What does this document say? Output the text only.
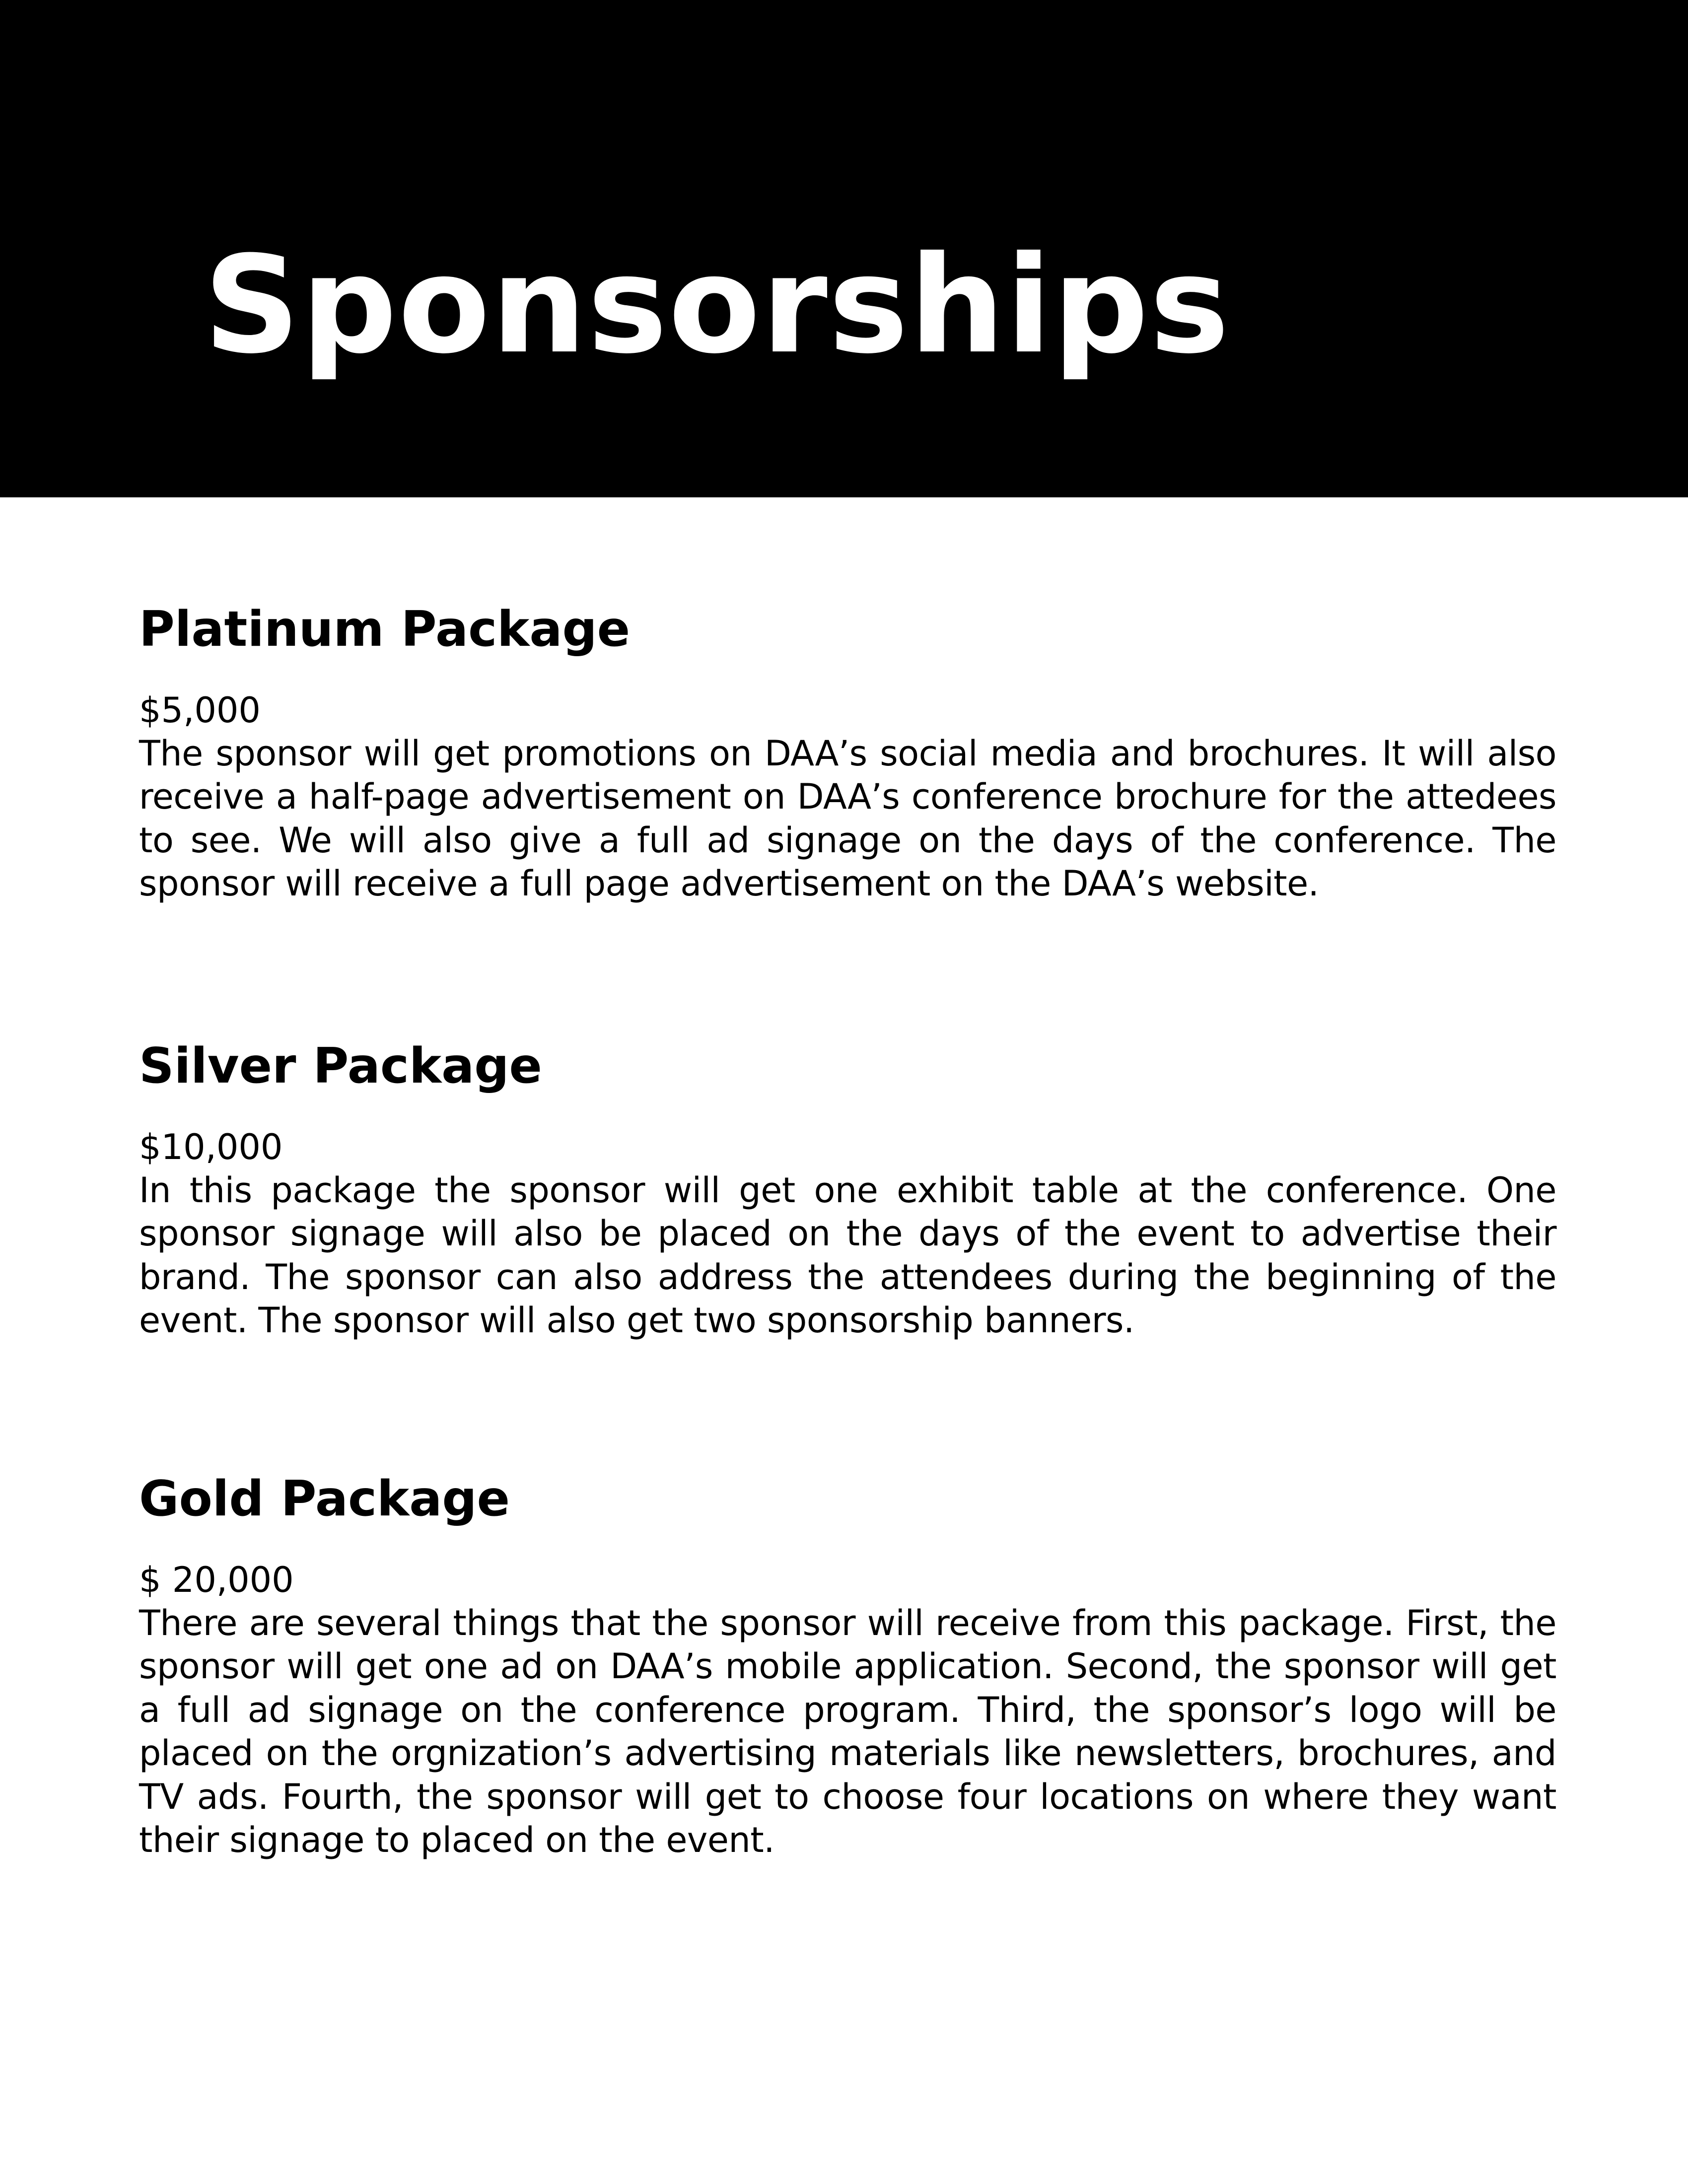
Sponsorships
Platinum Package
$5,000
The sponsor will get promotions on DAA’s social media and brochures. It will also receive a half-page advertisement on DAA’s conference brochure for the attedees to see. We will also give a full ad signage on the days of the conference. The sponsor will receive a full page advertisement on the DAA’s website.
Silver Package
$10,000
In this package the sponsor will get one exhibit table at the conference. One sponsor signage will also be placed on the days of the event to advertise their brand. The sponsor can also address the attendees during the beginning of the event. The sponsor will also get two sponsorship banners.
Gold Package
$ 20,000
There are several things that the sponsor will receive from this package. First, the sponsor will get one ad on DAA’s mobile application. Second, the sponsor will get a full ad signage on the conference program. Third, the sponsor’s logo will be placed on the orgnization’s advertising materials like newsletters, brochures, and TV ads. Fourth, the sponsor will get to choose four locations on where they want their signage to placed on the event.
